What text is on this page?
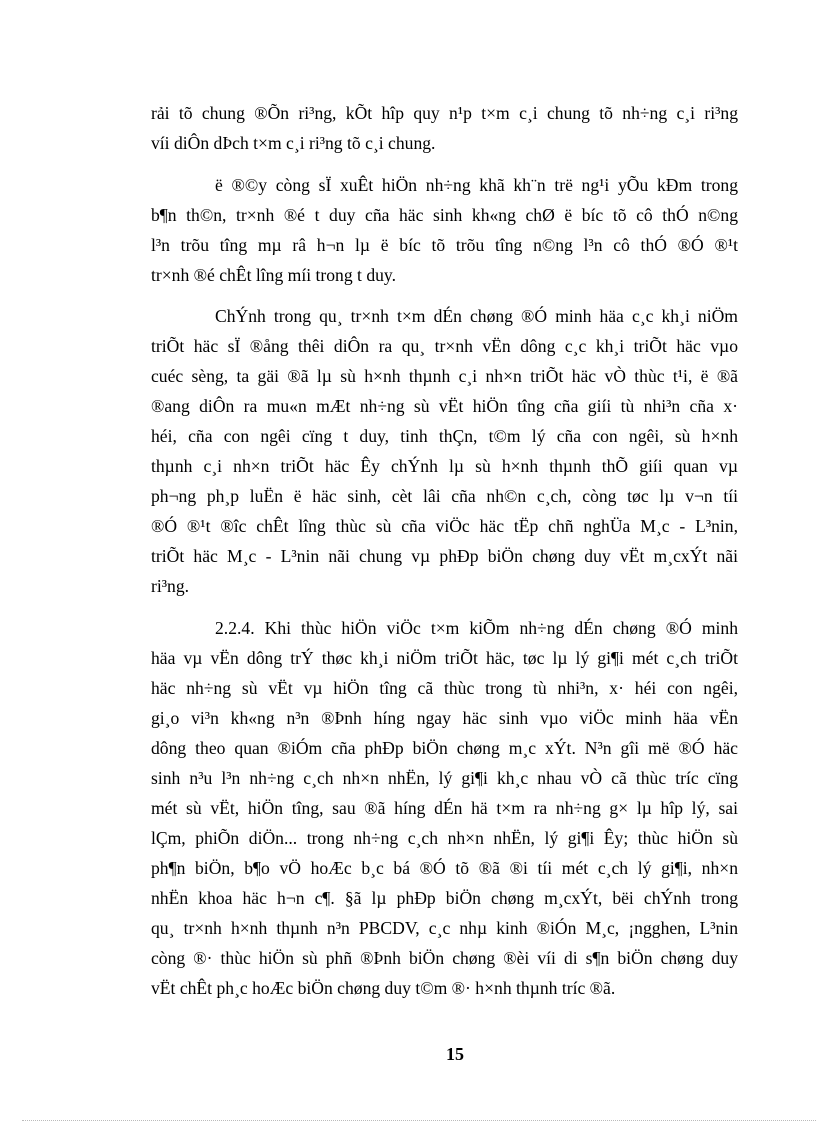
rải tõ chung ®Õn ri³ng, kÕt hîp quy n¹p t×m c¸i chung tõ nh÷ng c¸i ri³ng
víi diÔn dÞch t×m c¸i ri³ng tõ c¸i chung.
ë ®©y còng sÏ xuÊt hiÖn nh÷ng khã kh¨n trë ng¹i yÕu kÐm trong
b¶n th©n, tr×nh ®é t duy cña häc sinh kh«ng chØ ë bíc tõ cô thÓ n©ng
l³n trõu tîng mµ râ h¬n lµ ë bíc tõ trõu tîng n©ng l³n cô thÓ ®Ó ®¹t
tr×nh ®é chÊt lîng míi trong t duy.
ChÝnh trong qu¸ tr×nh t×m dÉn chøng ®Ó minh häa c¸c kh¸i niÖm
triÕt häc sÏ ®ång thêi diÔn ra qu¸ tr×nh vËn dông c¸c kh¸i triÕt häc vµo
cuéc sèng, ta gäi ®ã lµ sù h×nh thµnh c¸i nh×n triÕt häc vÒ thùc t¹i, ë ®ã
®ang diÔn ra mu«n mÆt nh÷ng sù vËt hiÖn tîng cña giíi tù nhi³n cña x·
héi, cña con ngêi cïng t duy, tinh thÇn, t©m lý cña con ngêi, sù h×nh
thµnh c¸i nh×n triÕt häc Êy chÝnh lµ sù h×nh thµnh thÕ giíi quan vµ
ph¬ng ph¸p luËn ë häc sinh, cèt lâi cña nh©n c¸ch, còng tøc lµ v¬n tíi
®Ó ®¹t ®îc chÊt lîng thùc sù cña viÖc häc tËp chñ nghÜa M¸c - L³nin,
triÕt häc M¸c - L³nin nãi chung vµ phÐp biÖn chøng duy vËt m¸cxÝt nãi
ri³ng.
2.2.4. Khi thùc hiÖn viÖc t×m kiÕm nh÷ng dÉn chøng ®Ó minh
häa vµ vËn dông trÝ thøc kh¸i niÖm triÕt häc, tøc lµ lý gi¶i mét c¸ch triÕt
häc nh÷ng sù vËt vµ hiÖn tîng cã thùc trong tù nhi³n, x· héi con ngêi,
gi¸o vi³n kh«ng n³n ®Þnh híng ngay häc sinh vµo viÖc minh häa vËn
dông theo quan ®iÓm cña phÐp biÖn chøng m¸c xÝt. N³n gîi më ®Ó häc
sinh n³u l³n nh÷ng c¸ch nh×n nhËn, lý gi¶i kh¸c nhau vÒ cã thùc tríc cïng
mét sù vËt, hiÖn tîng, sau ®ã híng dÉn hä t×m ra nh÷ng g× lµ hîp lý, sai
lÇm, phiÕn diÖn... trong nh÷ng c¸ch nh×n nhËn, lý gi¶i Êy; thùc hiÖn sù
ph¶n biÖn, b¶o vÖ hoÆc b¸c bá ®Ó tõ ®ã ®i tíi mét c¸ch lý gi¶i, nh×n
nhËn khoa häc h¬n c¶. §ã lµ phÐp biÖn chøng m¸cxÝt, bëi chÝnh trong
qu¸ tr×nh h×nh thµnh n³n PBCDV, c¸c nhµ kinh ®iÓn M¸c, ¡ngghen, L³nin
còng ®· thùc hiÖn sù phñ ®Þnh biÖn chøng ®èi víi di s¶n biÖn chøng duy
vËt chÊt ph¸c hoÆc biÖn chøng duy t©m ®· h×nh thµnh tríc ®ã.
15
